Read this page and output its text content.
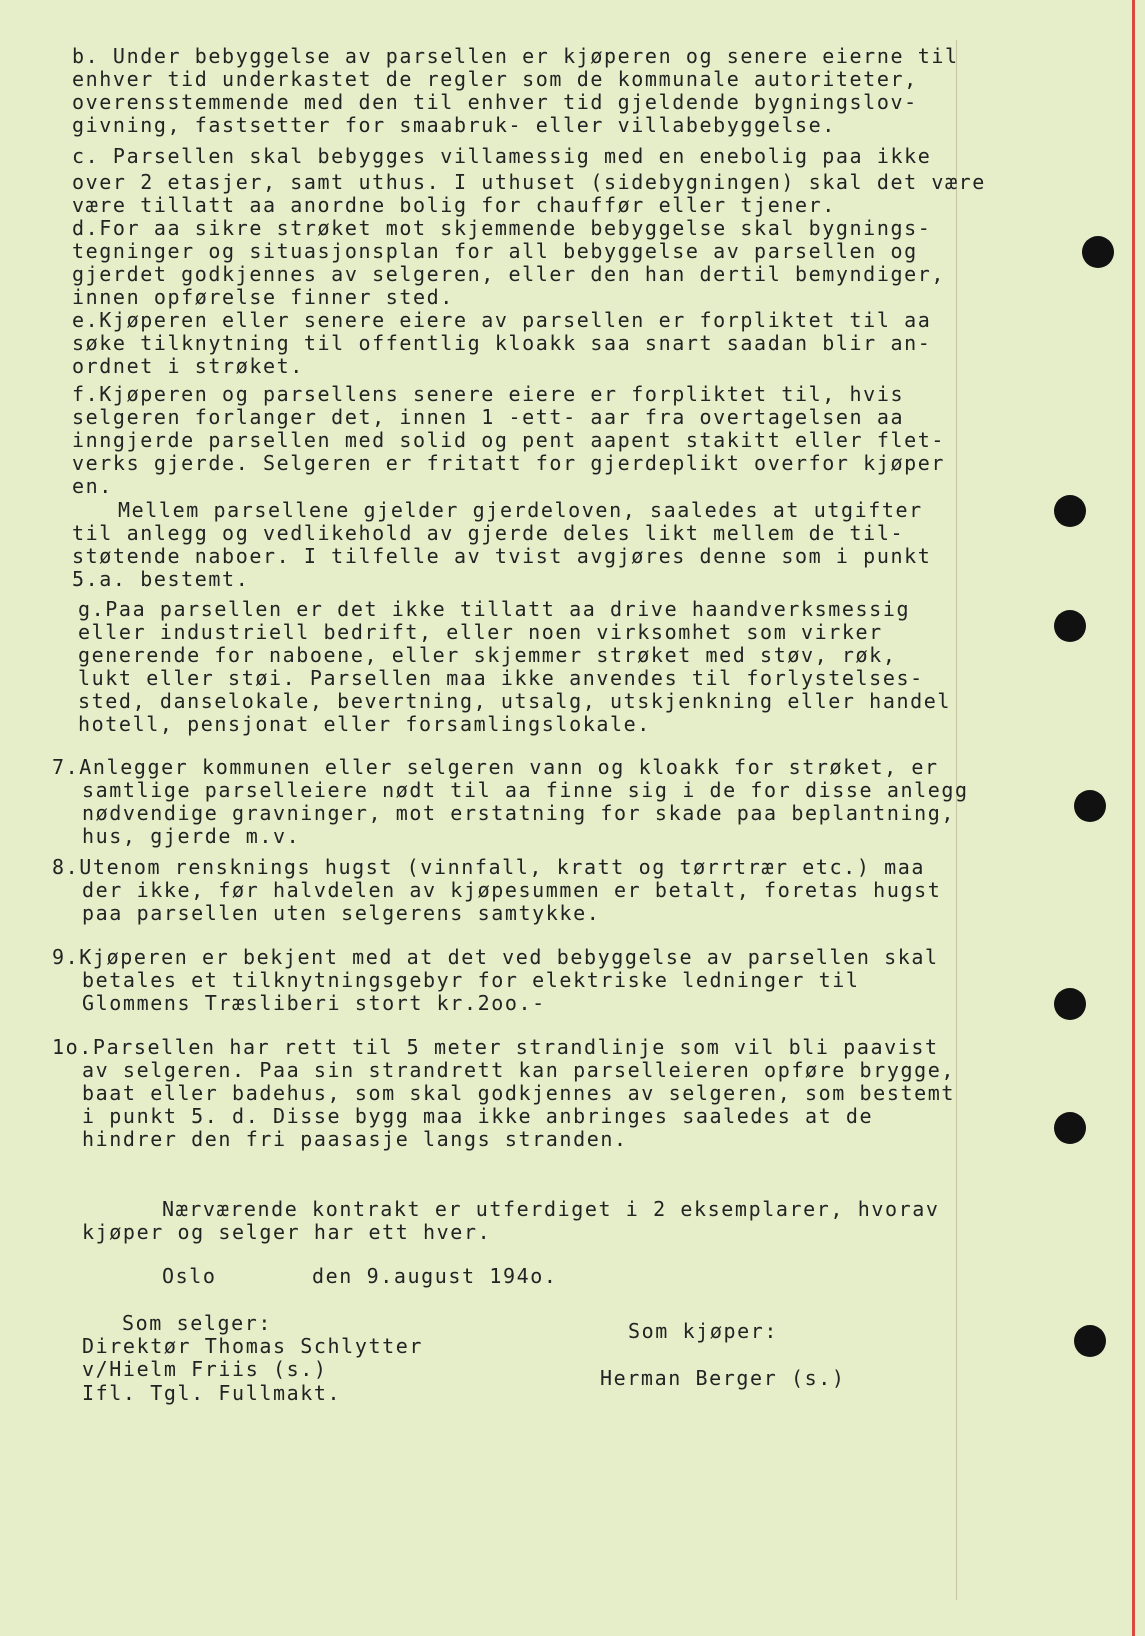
b. Under bebyggelse av parsellen er kjøperen og senere eierne til
enhver tid underkastet de regler som de kommunale autoriteter,
overensstemmende med den til enhver tid gjeldende bygningslov-
givning, fastsetter for smaabruk- eller villabebyggelse.
c. Parsellen skal bebygges villamessig med en enebolig paa ikke
over 2 etasjer, samt uthus. I uthuset (sidebygningen) skal det være
være tillatt aa anordne bolig for chauffør eller tjener.
d.For aa sikre strøket mot skjemmende bebyggelse skal bygnings-
tegninger og situasjonsplan for all bebyggelse av parsellen og
gjerdet godkjennes av selgeren, eller den han dertil bemyndiger,
innen opførelse finner sted.
e.Kjøperen eller senere eiere av parsellen er forpliktet til aa
søke tilknytning til offentlig kloakk saa snart saadan blir an-
ordnet i strøket.
f.Kjøperen og parsellens senere eiere er forpliktet til, hvis
selgeren forlanger det, innen 1 -ett- aar fra overtagelsen aa
inngjerde parsellen med solid og pent aapent stakitt eller flet-
verks gjerde. Selgeren er fritatt for gjerdeplikt overfor kjøper
en.
Mellem parsellene gjelder gjerdeloven, saaledes at utgifter
til anlegg og vedlikehold av gjerde deles likt mellem de til-
støtende naboer. I tilfelle av tvist avgjøres denne som i punkt
5.a. bestemt.
g.Paa parsellen er det ikke tillatt aa drive haandverksmessig
eller industriell bedrift, eller noen virksomhet som virker
generende for naboene, eller skjemmer strøket med støv, røk,
lukt eller støi. Parsellen maa ikke anvendes til forlystelses-
sted, danselokale, bevertning, utsalg, utskjenkning eller handel
hotell, pensjonat eller forsamlingslokale.
7.Anlegger kommunen eller selgeren vann og kloakk for strøket, er
samtlige parselleiere nødt til aa finne sig i de for disse anlegg
nødvendige gravninger, mot erstatning for skade paa beplantning,
hus, gjerde m.v.
8.Utenom rensknings hugst (vinnfall, kratt og tørrtrær etc.) maa
der ikke, før halvdelen av kjøpesummen er betalt, foretas hugst
paa parsellen uten selgerens samtykke.
9.Kjøperen er bekjent med at det ved bebyggelse av parsellen skal
betales et tilknytningsgebyr for elektriske ledninger til
Glommens Træsliberi stort kr.2oo.-
1o.Parsellen har rett til 5 meter strandlinje som vil bli paavist
av selgeren. Paa sin strandrett kan parselleieren opføre brygge,
baat eller badehus, som skal godkjennes av selgeren, som bestemt
i punkt 5. d. Disse bygg maa ikke anbringes saaledes at de
hindrer den fri paasasje langs stranden.
Nærværende kontrakt er utferdiget i 2 eksemplarer, hvorav
kjøper og selger har ett hver.
Oslo	den 9.august 194o.
Som selger:
Direktør Thomas Schlytter
v/Hielm Friis (s.)
Ifl. Tgl. Fullmakt.
Som kjøper:
Herman Berger (s.)
